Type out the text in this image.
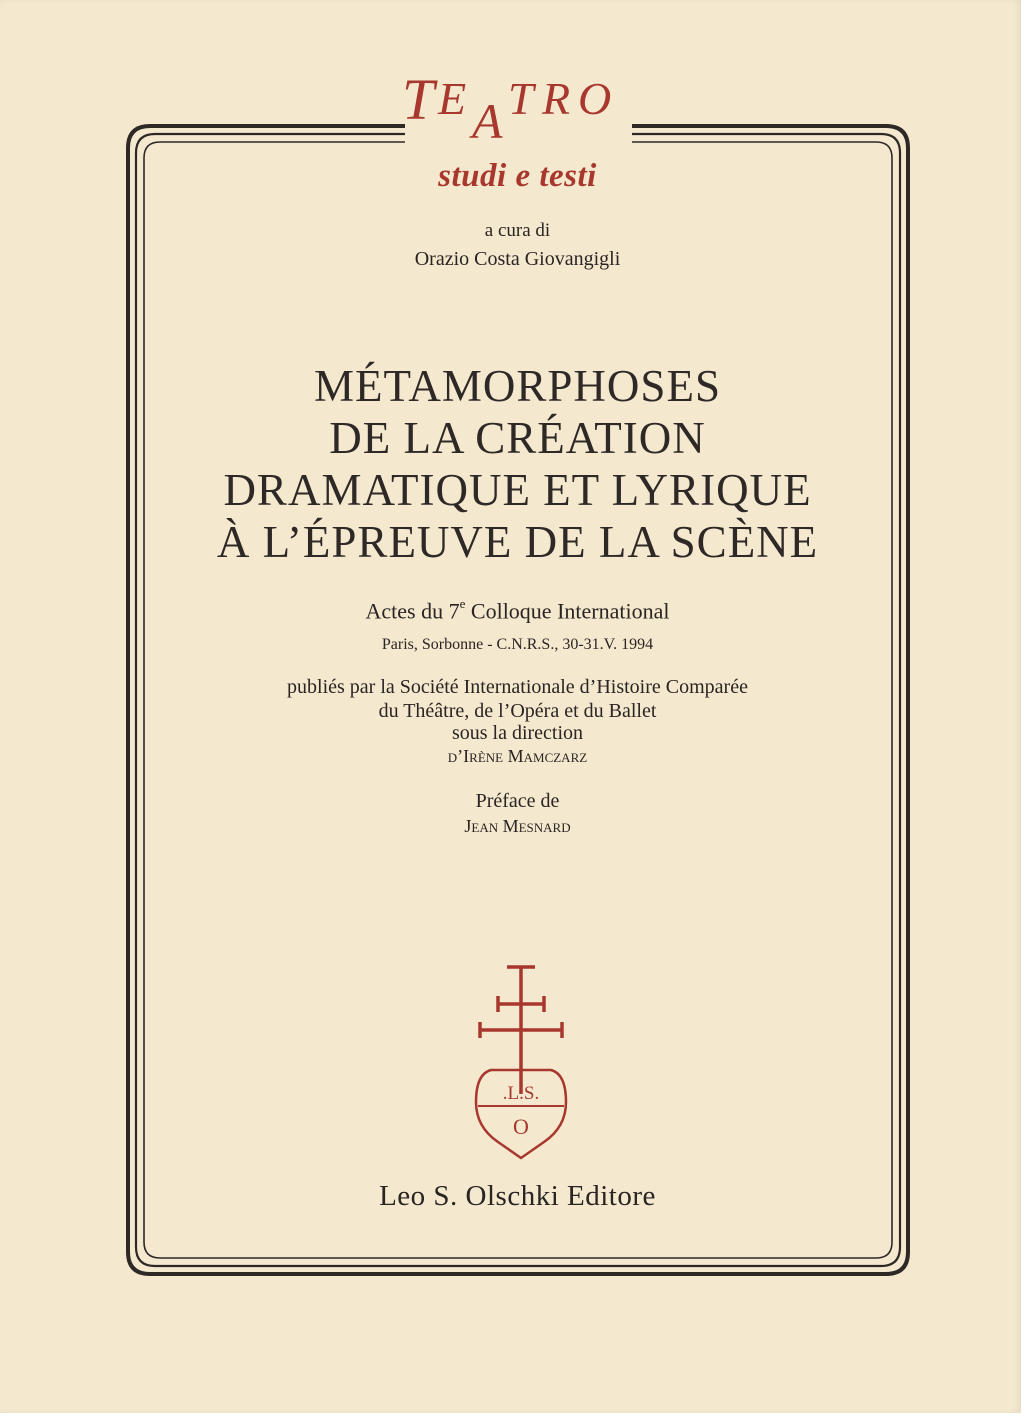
T E A T R O
studi e testi
a cura di
Orazio Costa Giovangigli
MÉTAMORPHOSES
DE LA CRÉATION
DRAMATIQUE ET LYRIQUE
À L’ÉPREUVE DE LA SCÈNE
Actes du 7e Colloque International
Paris, Sorbonne - C.N.R.S., 30-31.V. 1994
publiés par la Société Internationale d’Histoire Comparée
du Théâtre, de l’Opéra et du Ballet
sous la direction
d’Irène Mamczarz
Préface de
Jean Mesnard
.L.S.
O
Leo S. Olschki Editore
